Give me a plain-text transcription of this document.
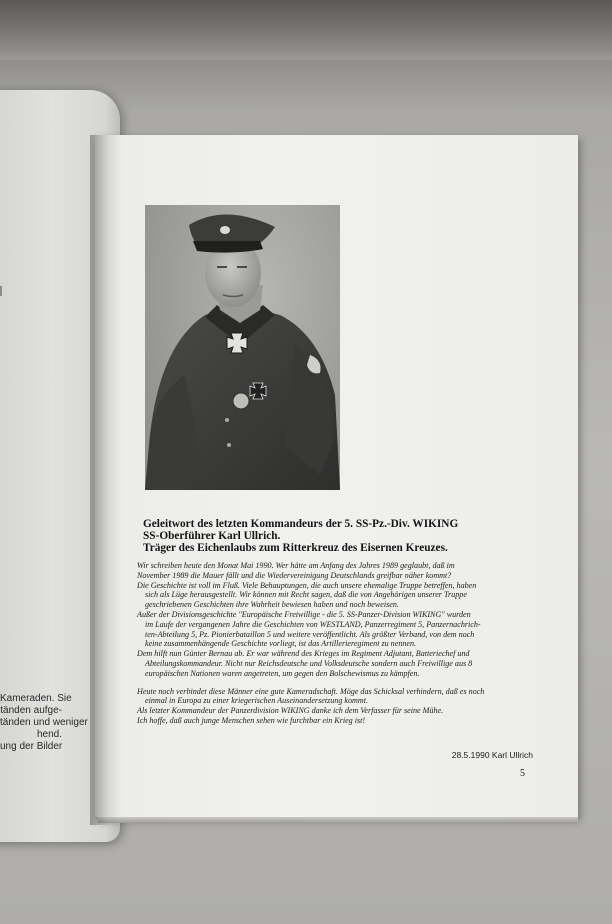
Kameraden. Sie
tänden aufge-
tänden und weniger
hend.
ung der Bilder
Geleitwort des letzten Kommandeurs der 5. SS-Pz.-Div. WIKING
SS-Oberführer Karl Ullrich.
Träger des Eichenlaubs zum Ritterkreuz des Eisernen Kreuzes.
Wir schreiben heute den Monat Mai 1990. Wer hätte am Anfang des Jahres 1989 geglaubt, daß im
November 1989 die Mauer fällt und die Wiedervereinigung Deutschlands greifbar näher kommt?
Die Geschichte ist voll im Fluß. Viele Behauptungen, die auch unsere ehemalige Truppe betreffen, haben
sich als Lüge herausgestellt. Wir können mit Recht sagen, daß die von Angehörigen unserer Truppe
geschriebenen Geschichten ihre Wahrheit bewiesen haben und noch beweisen.
Außer der Divisionsgeschichte "Europäische Freiwillige - die 5. SS-Panzer-Division WIKING" wurden
im Laufe der vergangenen Jahre die Geschichten von WESTLAND, Panzerregiment 5, Panzernachrich-
ten-Abteilung 5, Pz. Pionierbataillon 5 und weitere veröffentlicht. Als größter Verband, von dem noch
keine zusammenhängende Geschichte vorliegt, ist das Artillerieregiment zu nennen.
Dem hilft nun Günter Bernau ab. Er war während des Krieges im Regiment Adjutant, Batteriechef und
Abteilungskommandeur. Nicht nur Reichsdeutsche und Volksdeutsche sondern auch Freiwillige aus 8
europäischen Nationen waren angetreten, um gegen den Bolschewismus zu kämpfen.
Heute noch verbindet diese Männer eine gute Kameradschaft. Möge das Schicksal verhindern, daß es noch
einmal in Europa zu einer kriegerischen Auseinandersetzung kommt.
Als letzter Kommandeur der Panzerdivision WIKING danke ich dem Verfasser für seine Mühe.
Ich hoffe, daß auch junge Menschen sehen wie furchtbar ein Krieg ist!
28.5.1990 Karl Ullrich
5
